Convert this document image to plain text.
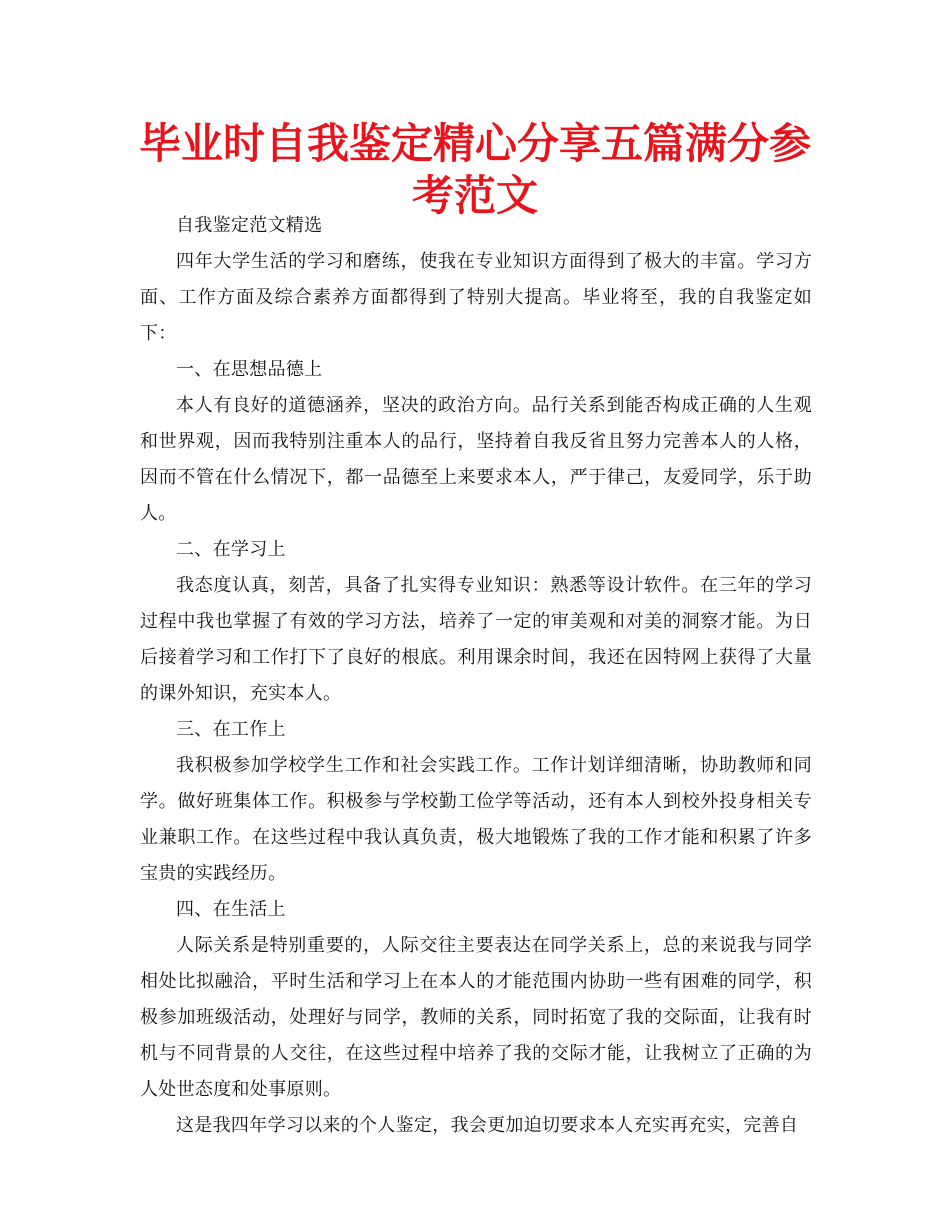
毕业时自我鉴定精心分享五篇满分参考范文

自我鉴定范文精选

四年大学生活的学习和磨练，使我在专业知识方面得到了极大的丰富。学习方面、工作方面及综合素养方面都得到了特别大提高。毕业将至，我的自我鉴定如下：

一、在思想品德上

本人有良好的道德涵养，坚决的政治方向。品行关系到能否构成正确的人生观和世界观，因而我特别注重本人的品行，坚持着自我反省且努力完善本人的人格，因而不管在什么情况下，都一品德至上来要求本人，严于律己，友爱同学，乐于助人。

二、在学习上

我态度认真，刻苦，具备了扎实得专业知识：熟悉等设计软件。在三年的学习过程中我也掌握了有效的学习方法，培养了一定的审美观和对美的洞察才能。为日后接着学习和工作打下了良好的根底。利用课余时间，我还在因特网上获得了大量的课外知识，充实本人。

三、在工作上

我积极参加学校学生工作和社会实践工作。工作计划详细清晰，协助教师和同学。做好班集体工作。积极参与学校勤工俭学等活动，还有本人到校外投身相关专业兼职工作。在这些过程中我认真负责，极大地锻炼了我的工作才能和积累了许多宝贵的实践经历。

四、在生活上

人际关系是特别重要的，人际交往主要表达在同学关系上，总的来说我与同学相处比拟融洽，平时生活和学习上在本人的才能范围内协助一些有困难的同学，积极参加班级活动，处理好与同学，教师的关系，同时拓宽了我的交际面，让我有时机与不同背景的人交往，在这些过程中培养了我的交际才能，让我树立了正确的为人处世态度和处事原则。

这是我四年学习以来的个人鉴定，我会更加迫切要求本人充实再充实，完善自
